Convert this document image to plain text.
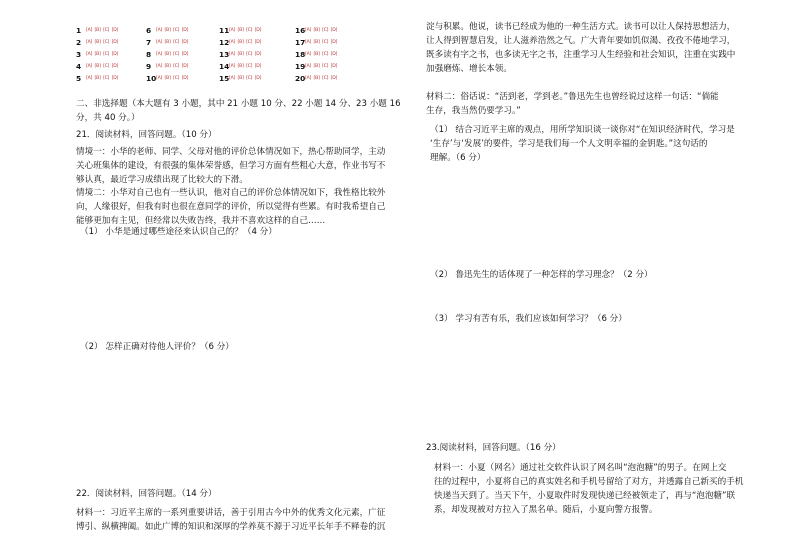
1	[A] [B] [C] [D]	6	[A] [B] [C] [D]	11 [A] [B] [C] [D]	16 [A] [B] [C] [D]
2	[A] [B] [C] [D]	7	[A] [B] [C] [D]	12 [A] [B] [C] [D]	17 [A] [B] [C] [D]
3	[A] [B] [C] [D]	8	[A] [B] [C] [D]	13 [A] [B] [C] [D]	18 [A] [B] [C] [D]
4	[A] [B] [C] [D]	9	[A] [B] [C] [D]	14 [A] [B] [C] [D]	19 [A] [B] [C] [D]
5	[A] [B] [C] [D]	10 [A] [B] [C] [D]	15 [A] [B] [C] [D]	20 [A] [B] [C] [D]

二、非选择题（本大题有 3 小题，其中 21 小题 10 分、22 小题 14 分、23 小题 16

分，共 40 分。）

21．阅读材料，回答问题。（10 分）

情境一：小华的老师、同学、父母对他的评价总体情况如下，热心帮助同学，主动

关心班集体的建设，有很强的集体荣誉感，但学习方面有些粗心大意，作业书写不

够认真，最近学习成绩出现了比较大的下滑。

情境二：小华对自己也有一些认识，他对自己的评价总体情况如下，我性格比较外

向，人缘很好，但我有时也很在意同学的评价，所以觉得有些累。有时我希望自己

能够更加有主见，但经常以失败告终，我并不喜欢这样的自己……

（1） 小华是通过哪些途径来认识自己的？（4 分）

（2） 怎样正确对待他人评价？（6 分）

22．阅读材料，回答问题。（14 分）

材料一：习近平主席的一系列重要讲话，善于引用古今中外的优秀文化元素，广征

博引、纵横捭阖。如此广博的知识和深厚的学养莫不源于习近平长年手不释卷的沉

淀与积累。他说，读书已经成为他的一种生活方式。读书可以让人保持思想活力，

让人得到智慧启发，让人滋养浩然之气。广大青年要如饥似渴、孜孜不倦地学习，

既多读有字之书，也多读无字之书，注重学习人生经验和社会知识，注重在实践中

加强磨炼、增长本领。

材料二：俗话说：“活到老，学到老。”鲁迅先生也曾经说过这样一句话：“倘能

生存，我当然仍要学习。”

（1） 结合习近平主席的观点，用所学知识谈一谈你对“在知识经济时代，学习是

‘生存’与‘发展’的要件，学习是我们每一个人文明幸福的金钥匙。”这句话的

理解。（6 分）

（2） 鲁迅先生的话体现了一种怎样的学习理念？（2 分）

（3） 学习有苦有乐，我们应该如何学习？（6 分）

23.阅读材料，回答问题。（16 分）

材料一：小夏（网名）通过社交软件认识了网名叫“泡泡糖”的男子。在网上交

往的过程中，小夏将自己的真实姓名和手机号留给了对方，并透露自己新买的手机

快递当天到了。当天下午，小夏取件时发现快递已经被领走了，再与“泡泡糖”联

系，却发现被对方拉入了黑名单。随后，小夏向警方报警。
